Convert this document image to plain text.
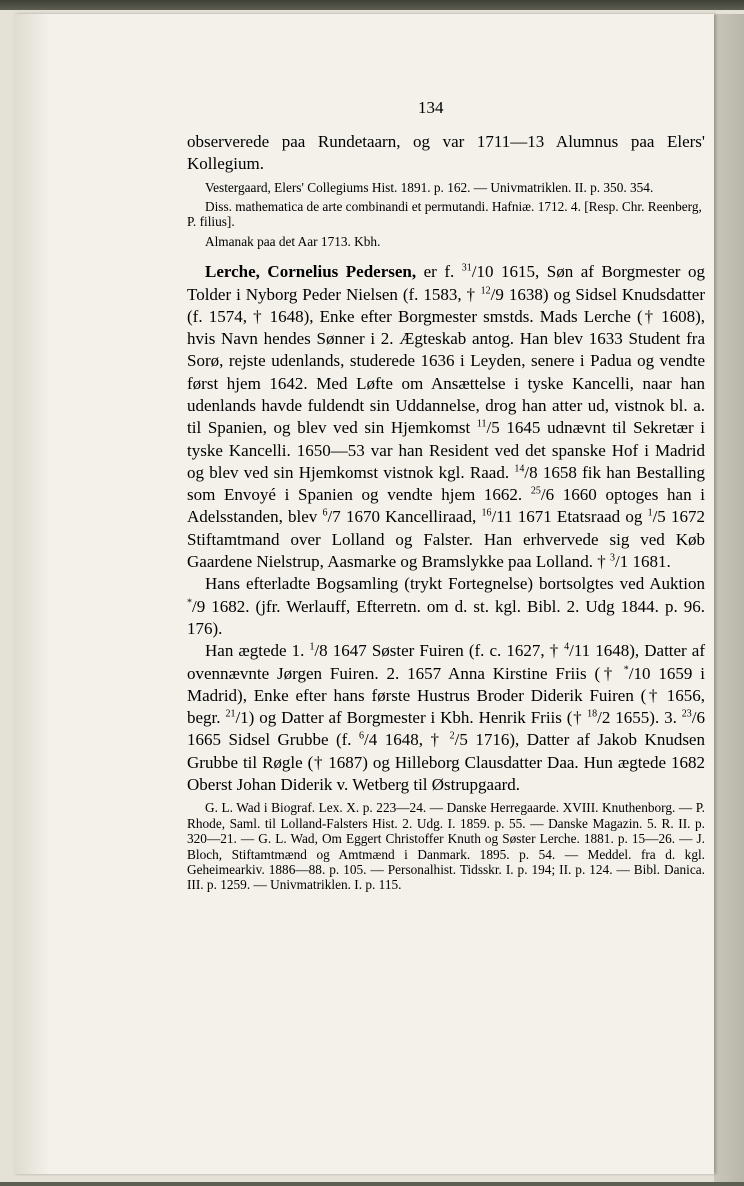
134

observerede paa Rundetaarn, og var 1711—13 Alumnus paa Elers' Kollegium.

Vestergaard, Elers' Collegiums Hist. 1891. p. 162. — Univmatriklen. II. p. 350. 354.

Diss. mathematica de arte combinandi et permutandi. Hafniæ. 1712. 4. [Resp. Chr. Reenberg, P. filius].

Almanak paa det Aar 1713. Kbh.

Lerche, Cornelius Pedersen, er f. $^{31}$/10 1615, Søn af Borgmester og Tolder i Nyborg Peder Nielsen (f. 1583, † $^{12}$/9 1638) og Sidsel Knudsdatter (f. 1574, † 1648), Enke efter Borgmester smstds. Mads Lerche († 1608), hvis Navn hendes Sønner i 2. Ægteskab antog. Han blev 1633 Student fra Sorø, rejste udenlands, studerede 1636 i Leyden, senere i Padua og vendte først hjem 1642. Med Løfte om Ansættelse i tyske Kancelli, naar han udenlands havde fuldendt sin Uddannelse, drog han atter ud, vistnok bl. a. til Spanien, og blev ved sin Hjemkomst $^{11}$/5 1645 udnævnt til Sekretær i tyske Kancelli. 1650—53 var han Resident ved det spanske Hof i Madrid og blev ved sin Hjemkomst vistnok kgl. Raad. $^{14}$/8 1658 fik han Bestalling som Envoyé i Spanien og vendte hjem 1662. $^{25}$/6 1660 optoges han i Adelsstanden, blev $^6$/7 1670 Kancelliraad, $^{16}$/11 1671 Etatsraad og $^1$/5 1672 Stiftamtmand over Lolland og Falster. Han erhvervede sig ved Køb Gaardene Nielstrup, Aasmarke og Bramslykke paa Lolland. † $^3$/1 1681.

Hans efterladte Bogsamling (trykt Fortegnelse) bortsolgtes ved Auktion */9 1682. (jfr. Werlauff, Efterretn. om d. st. kgl. Bibl. 2. Udg 1844. p. 96. 176).

Han ægtede 1. $^1$/8 1647 Søster Fuiren (f. c. 1627, † $^4$/11 1648), Datter af ovennævnte Jørgen Fuiren. 2. 1657 Anna Kirstine Friis († */10 1659 i Madrid), Enke efter hans første Hustrus Broder Diderik Fuiren († 1656, begr. $^{21}$/1) og Datter af Borgmester i Kbh. Henrik Friis († $^{18}$/2 1655). 3. $^{23}$/6 1665 Sidsel Grubbe (f. $^6$/4 1648, † $^2$/5 1716), Datter af Jakob Knudsen Grubbe til Røgle († 1687) og Hilleborg Clausdatter Daa. Hun ægtede 1682 Oberst Johan Diderik v. Wetberg til Østrupgaard.

G. L. Wad i Biograf. Lex. X. p. 223—24. — Danske Herregaarde. XVIII. Knuthenborg. — P. Rhode, Saml. til Lolland-Falsters Hist. 2. Udg. I. 1859. p. 55. — Danske Magazin. 5. R. II. p. 320—21. — G. L. Wad, Om Eggert Christoffer Knuth og Søster Lerche. 1881. p. 15—26. — J. Bloch, Stiftamtmænd og Amtmænd i Danmark. 1895. p. 54. — Meddel. fra d. kgl. Geheimearkiv. 1886—88. p. 105. — Personalhist. Tidsskr. I. p. 194; II. p. 124. — Bibl. Danica. III. p. 1259. — Univmatriklen. I. p. 115.
